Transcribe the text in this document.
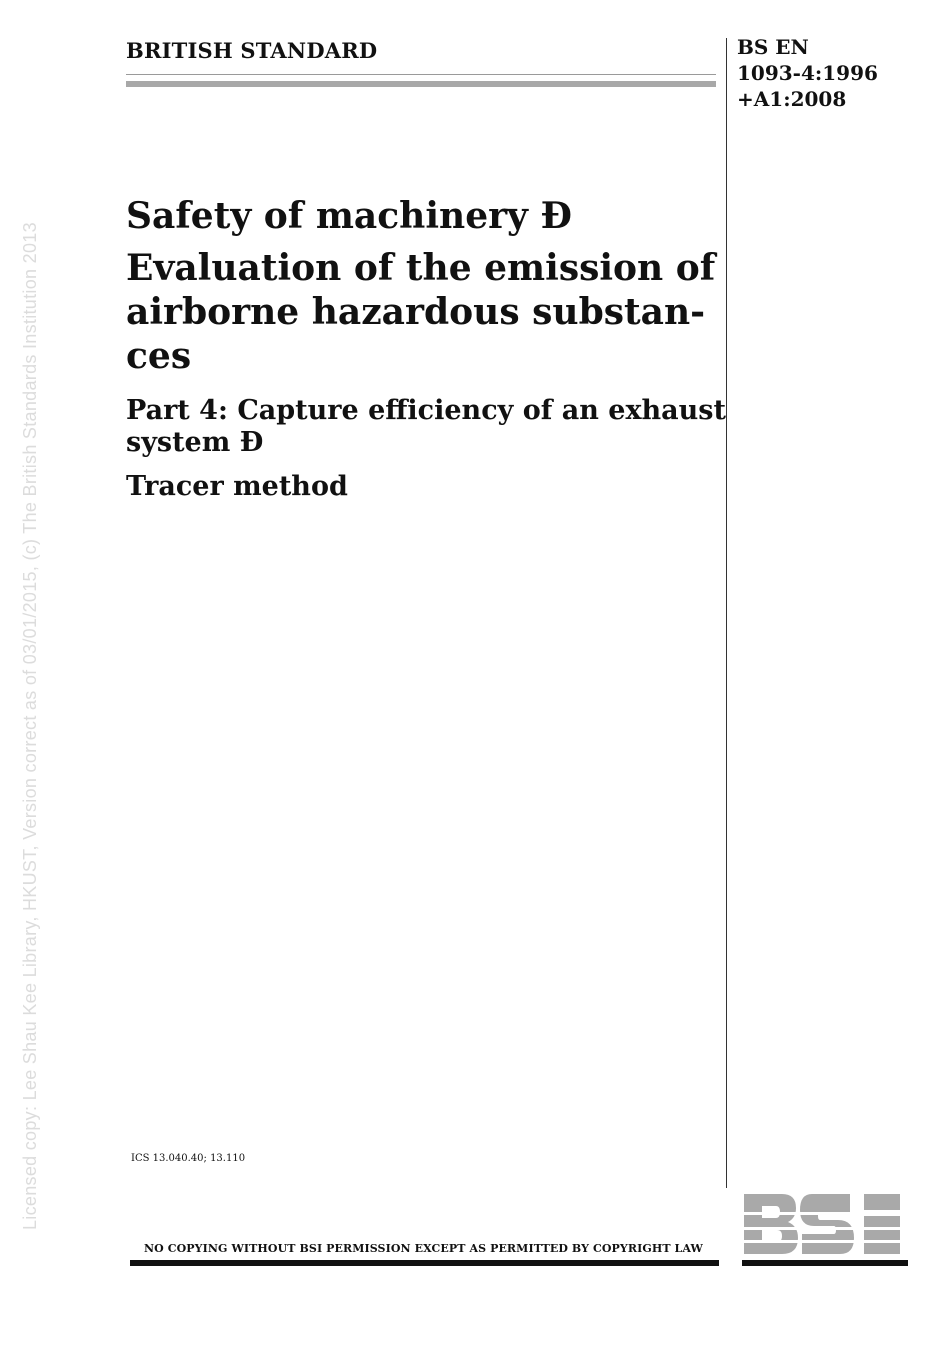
Licensed copy: Lee Shau Kee Library, HKUST, Version correct as of 03/01/2015, (c) The British Standards Institution 2013
BRITISH STANDARD	BS EN
1093-4:1996
+A1:2008
Safety of machinery Ð
Evaluation of the emission of
airborne hazardous substan-
ces
Part 4: Capture efficiency of an exhaust
system Ð
Tracer method
ICS 13.040.40; 13.110
NO COPYING WITHOUT BSI PERMISSION EXCEPT AS PERMITTED BY COPYRIGHT LAW
